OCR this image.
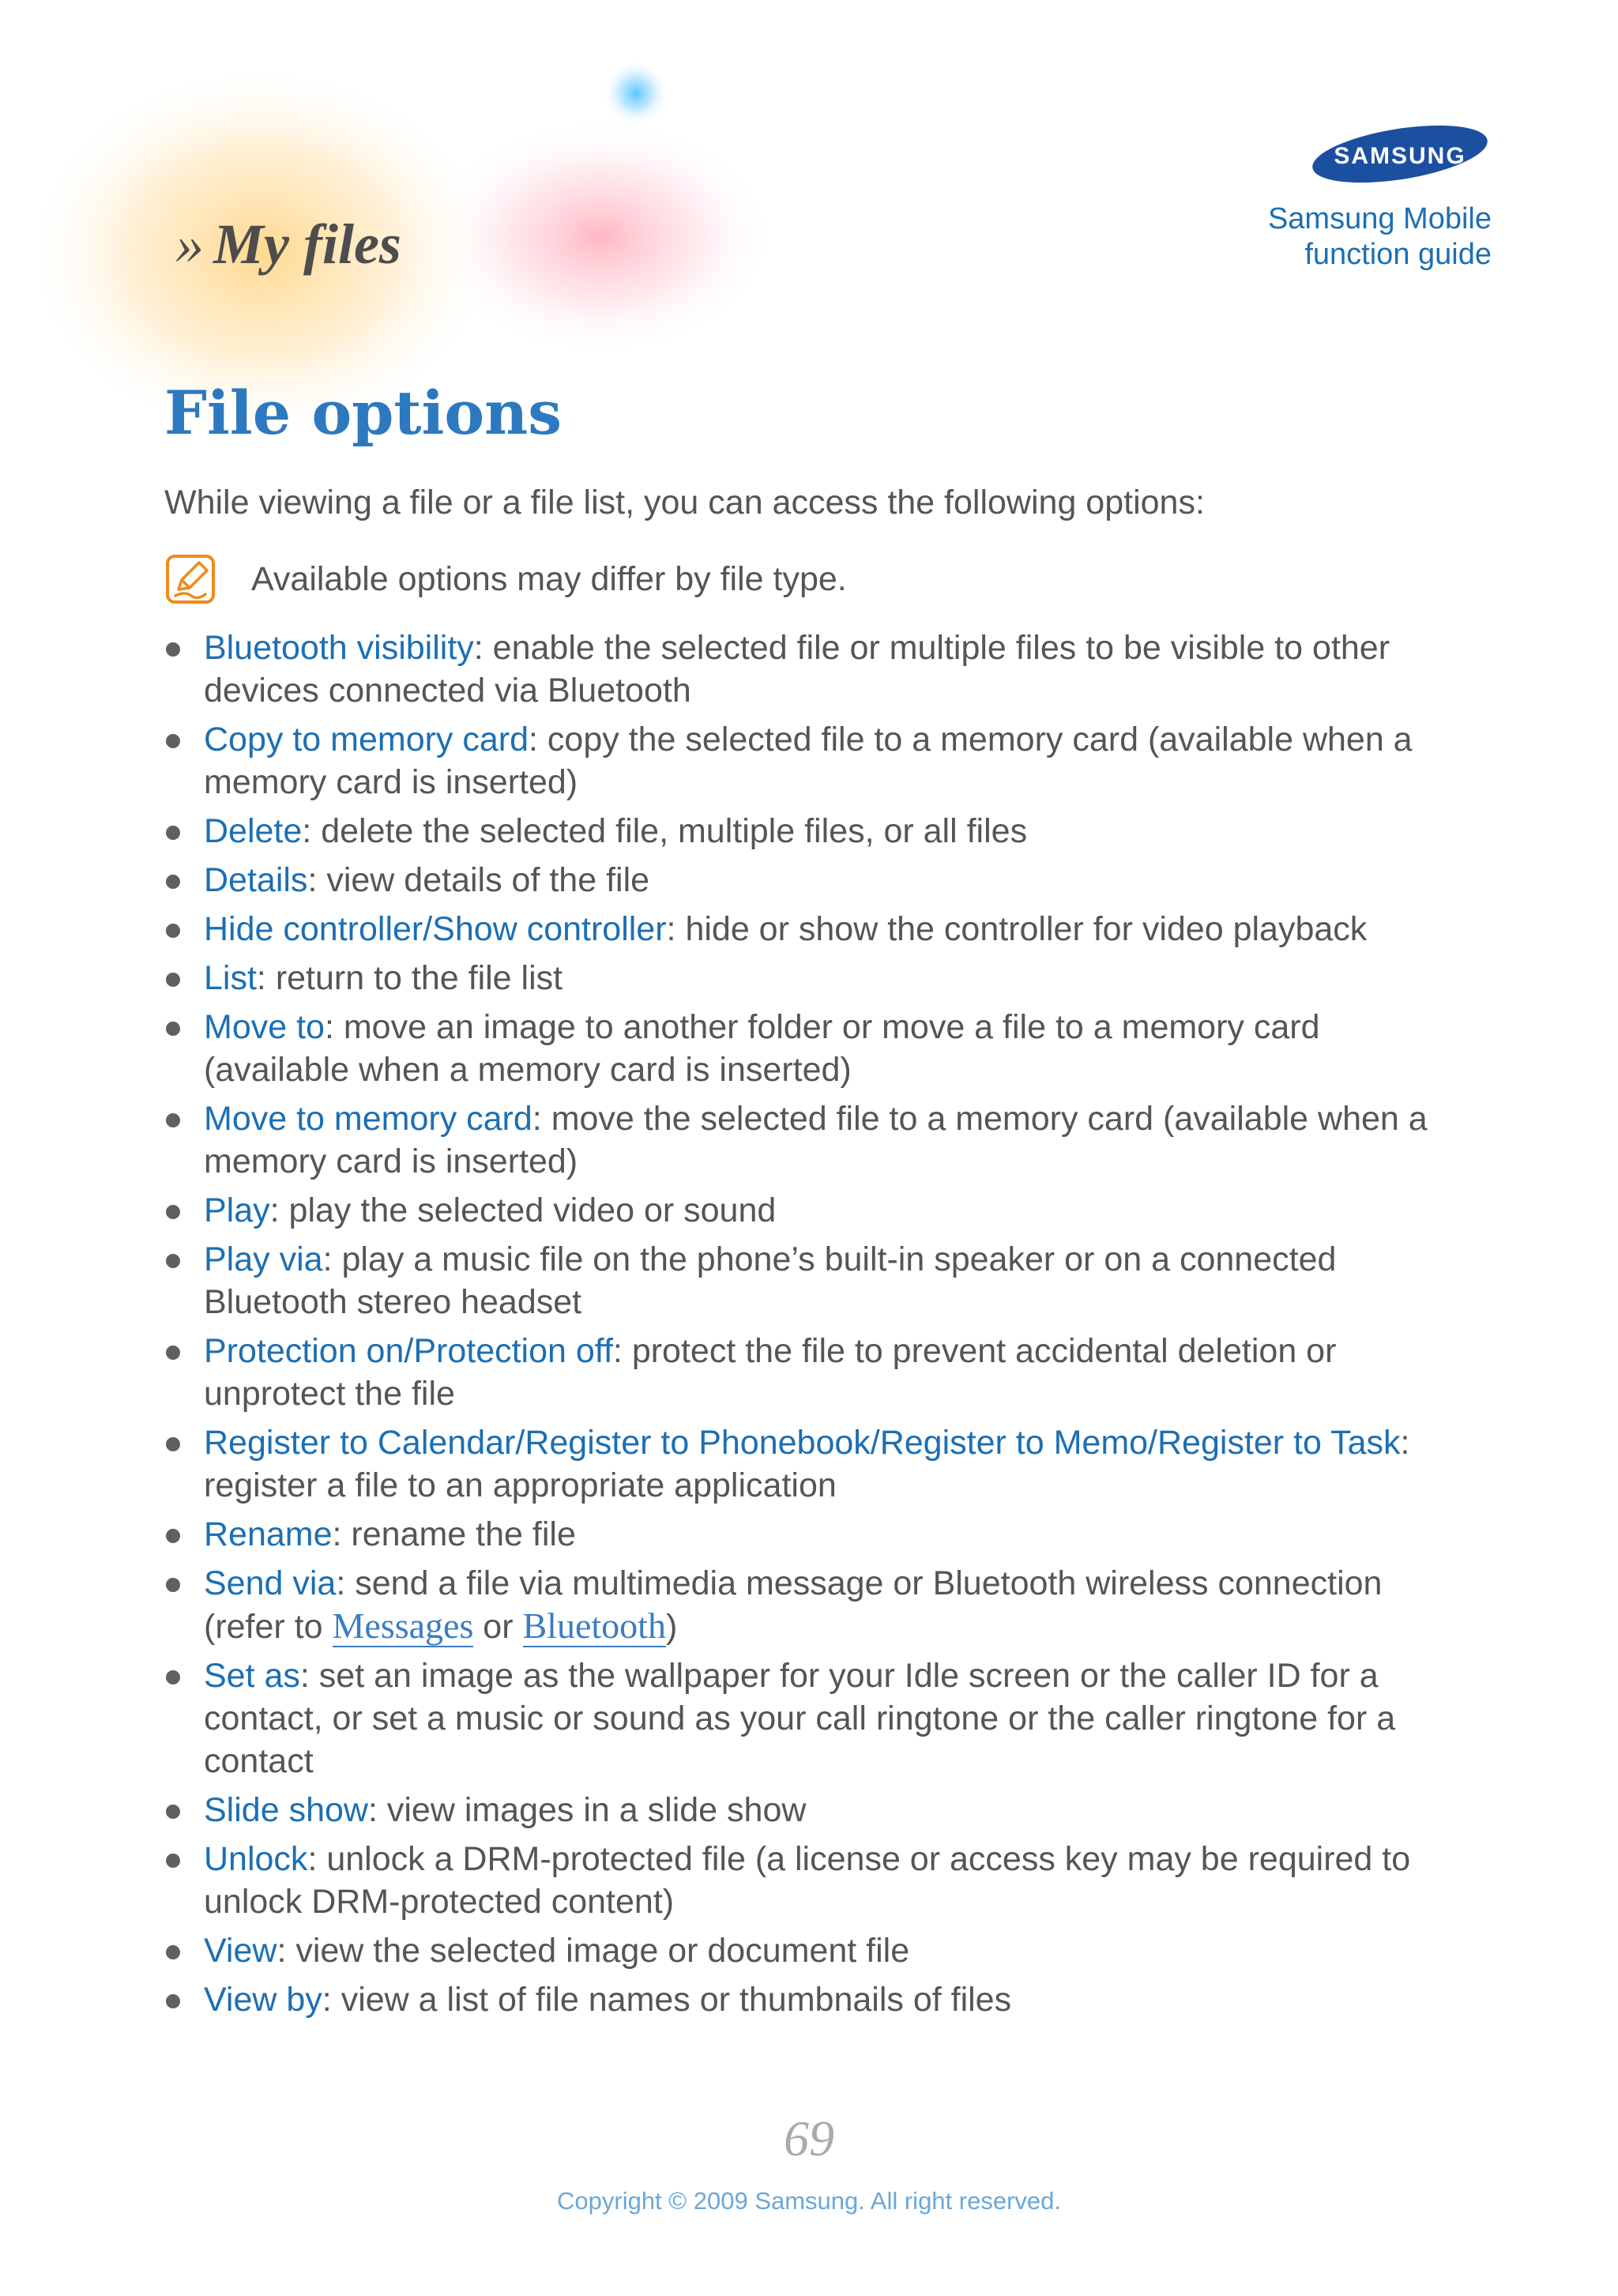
» My files
SAMSUNG
Samsung Mobile
function guide
File options

While viewing a file or a file list, you can access the following options:

Available options may differ by file type.
Bluetooth visibility: enable the selected file or multiple files to be visible to other devices connected via Bluetooth
Copy to memory card: copy the selected file to a memory card (available when a memory card is inserted)
Delete: delete the selected file, multiple files, or all files
Details: view details of the file
Hide controller/Show controller: hide or show the controller for video playback
List: return to the file list
Move to: move an image to another folder or move a file to a memory card (available when a memory card is inserted)
Move to memory card: move the selected file to a memory card (available when a memory card is inserted)
Play: play the selected video or sound
Play via: play a music file on the phone’s built-in speaker or on a connected Bluetooth stereo headset
Protection on/Protection off: protect the file to prevent accidental deletion or unprotect the file
Register to Calendar/Register to Phonebook/Register to Memo/Register to Task: register a file to an appropriate application
Rename: rename the file
Send via: send a file via multimedia message or Bluetooth wireless connection (refer to Messages or Bluetooth)
Set as: set an image as the wallpaper for your Idle screen or the caller ID for a contact, or set a music or sound as your call ringtone or the caller ringtone for a contact
Slide show: view images in a slide show
Unlock: unlock a DRM-protected file (a license or access key may be required to unlock DRM-protected content)
View: view the selected image or document file
View by: view a list of file names or thumbnails of files

69

Copyright © 2009 Samsung. All right reserved.
